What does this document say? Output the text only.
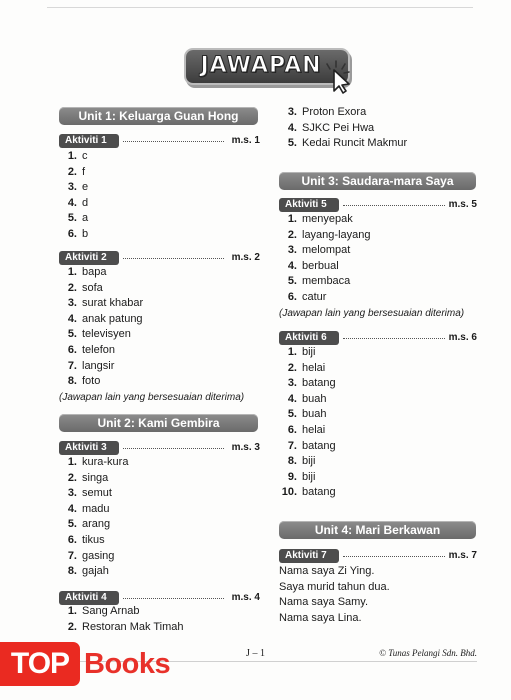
JAWAPAN
Unit 1: Keluarga Guan Hong
Aktiviti 1	m.s. 1
1. c
2. f
3. e
4. d
5. a
6. b
Aktiviti 2	m.s. 2
1. bapa
2. sofa
3. surat khabar
4. anak patung
5. televisyen
6. telefon
7. langsir
8. foto
(Jawapan lain yang bersesuaian diterima)
Unit 2: Kami Gembira
Aktiviti 3	m.s. 3
1. kura-kura
2. singa
3. semut
4. madu
5. arang
6. tikus
7. gasing
8. gajah
Aktiviti 4	m.s. 4
1. Sang Arnab
2. Restoran Mak Timah
3. Proton Exora
4. SJKC Pei Hwa
5. Kedai Runcit Makmur
Unit 3: Saudara-mara Saya
Aktiviti 5	m.s. 5
1. menyepak
2. layang-layang
3. melompat
4. berbual
5. membaca
6. catur
(Jawapan lain yang bersesuaian diterima)
Aktiviti 6	m.s. 6
1. biji
2. helai
3. batang
4. buah
5. buah
6. helai
7. batang
8. biji
9. biji
10. batang
Unit 4: Mari Berkawan
Aktiviti 7	m.s. 7
Nama saya Zi Ying.
Saya murid tahun dua.
Nama saya Samy.
Nama saya Lina.
J – 1	© Tunas Pelangi Sdn. Bhd.
TOP Books
